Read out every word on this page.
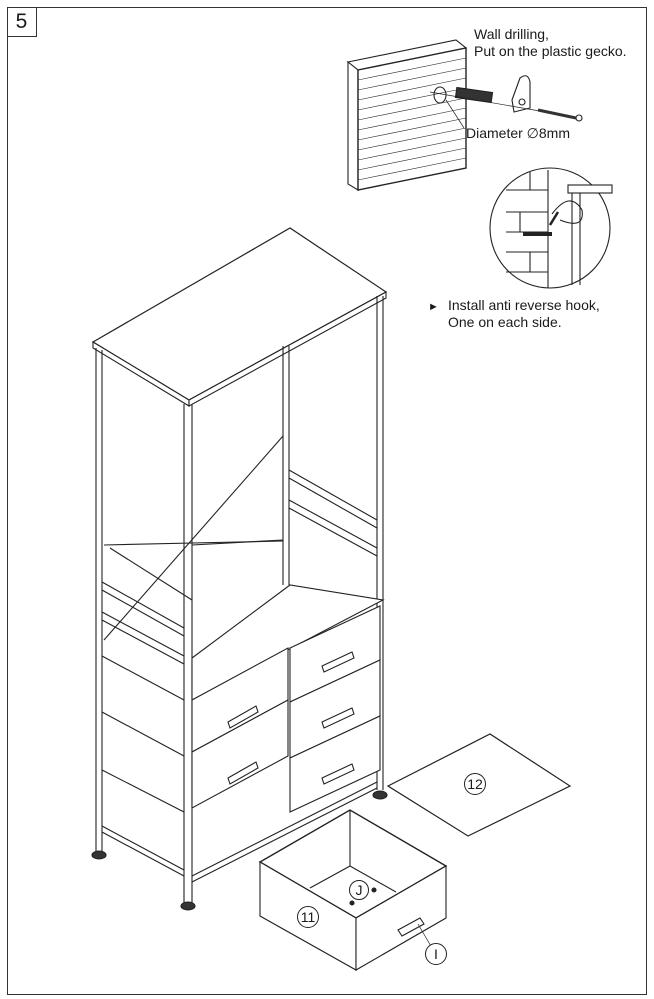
5
Wall drilling,
Put on the plastic gecko.
Diameter ∅8mm
► Install anti reverse hook,
One on each side.
12
11
J
I
